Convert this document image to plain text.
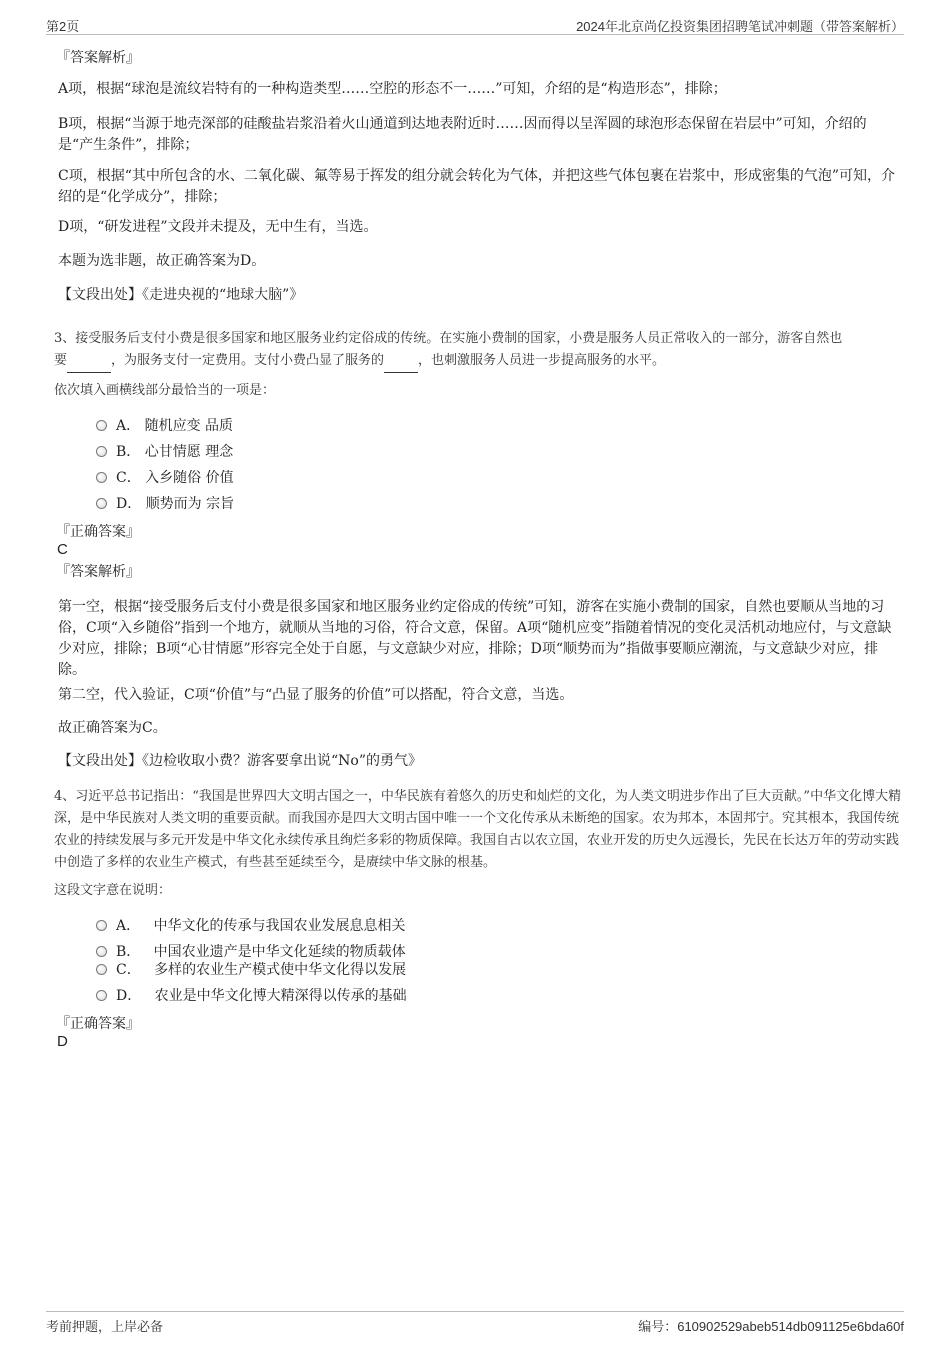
第2页	2024年北京尚亿投资集团招聘笔试冲刺题（带答案解析）
『答案解析』
A项，根据“球泡是流纹岩特有的一种构造类型……空腔的形态不一……”可知，介绍的是“构造形态”，排除；
B项，根据“当源于地壳深部的硅酸盐岩浆沿着火山通道到达地表附近时……因而得以呈浑圆的球泡形态保留在岩层中”可知，介绍的是“产生条件”，排除；
C项，根据“其中所包含的水、二氧化碳、氟等易于挥发的组分就会转化为气体，并把这些气体包裹在岩浆中，形成密集的气泡”可知，介绍的是“化学成分”，排除；
D项，“研发进程”文段并未提及，无中生有，当选。
本题为选非题，故正确答案为D。
【文段出处】《走进央视的“地球大脑”》
3、接受服务后支付小费是很多国家和地区服务业约定俗成的传统。在实施小费制的国家，小费是服务人员正常收入的一部分，游客自然也
要	，为服务支付一定费用。支付小费凸显了服务的	，也刺激服务人员进一步提高服务的水平。
依次填入画横线部分最恰当的一项是：
A． 随机应变 品质
B． 心甘情愿 理念
C． 入乡随俗 价值
D． 顺势而为 宗旨
『正确答案』
C
『答案解析』
第一空，根据“接受服务后支付小费是很多国家和地区服务业约定俗成的传统”可知，游客在实施小费制的国家，自然也要顺从当地的习俗，C项“入乡随俗”指到一个地方，就顺从当地的习俗，符合文意，保留。A项“随机应变”指随着情况的变化灵活机动地应付，与文意缺少对应，排除；B项“心甘情愿”形容完全处于自愿，与文意缺少对应，排除；D项“顺势而为”指做事要顺应潮流，与文意缺少对应，排除。
第二空，代入验证，C项“价值”与“凸显了服务的价值”可以搭配，符合文意，当选。
故正确答案为C。
【文段出处】《边检收取小费？游客要拿出说“No”的勇气》
4、习近平总书记指出：“我国是世界四大文明古国之一，中华民族有着悠久的历史和灿烂的文化，为人类文明进步作出了巨大贡献。”中华文化博大精深，是中华民族对人类文明的重要贡献。而我国亦是四大文明古国中唯一一个文化传承从未断绝的国家。农为邦本，本固邦宁。究其根本，我国传统农业的持续发展与多元开发是中华文化永续传承且绚烂多彩的物质保障。我国自古以农立国，农业开发的历史久远漫长，先民在长达万年的劳动实践中创造了多样的农业生产模式，有些甚至延续至今，是赓续中华文脉的根基。
这段文字意在说明：
A． 中华文化的传承与我国农业发展息息相关
B． 中国农业遗产是中华文化延续的物质载体
C． 多样的农业生产模式使中华文化得以发展
D． 农业是中华文化博大精深得以传承的基础
『正确答案』
D
考前押题，上岸必备	编号：610902529abeb514db091125e6bda60f
